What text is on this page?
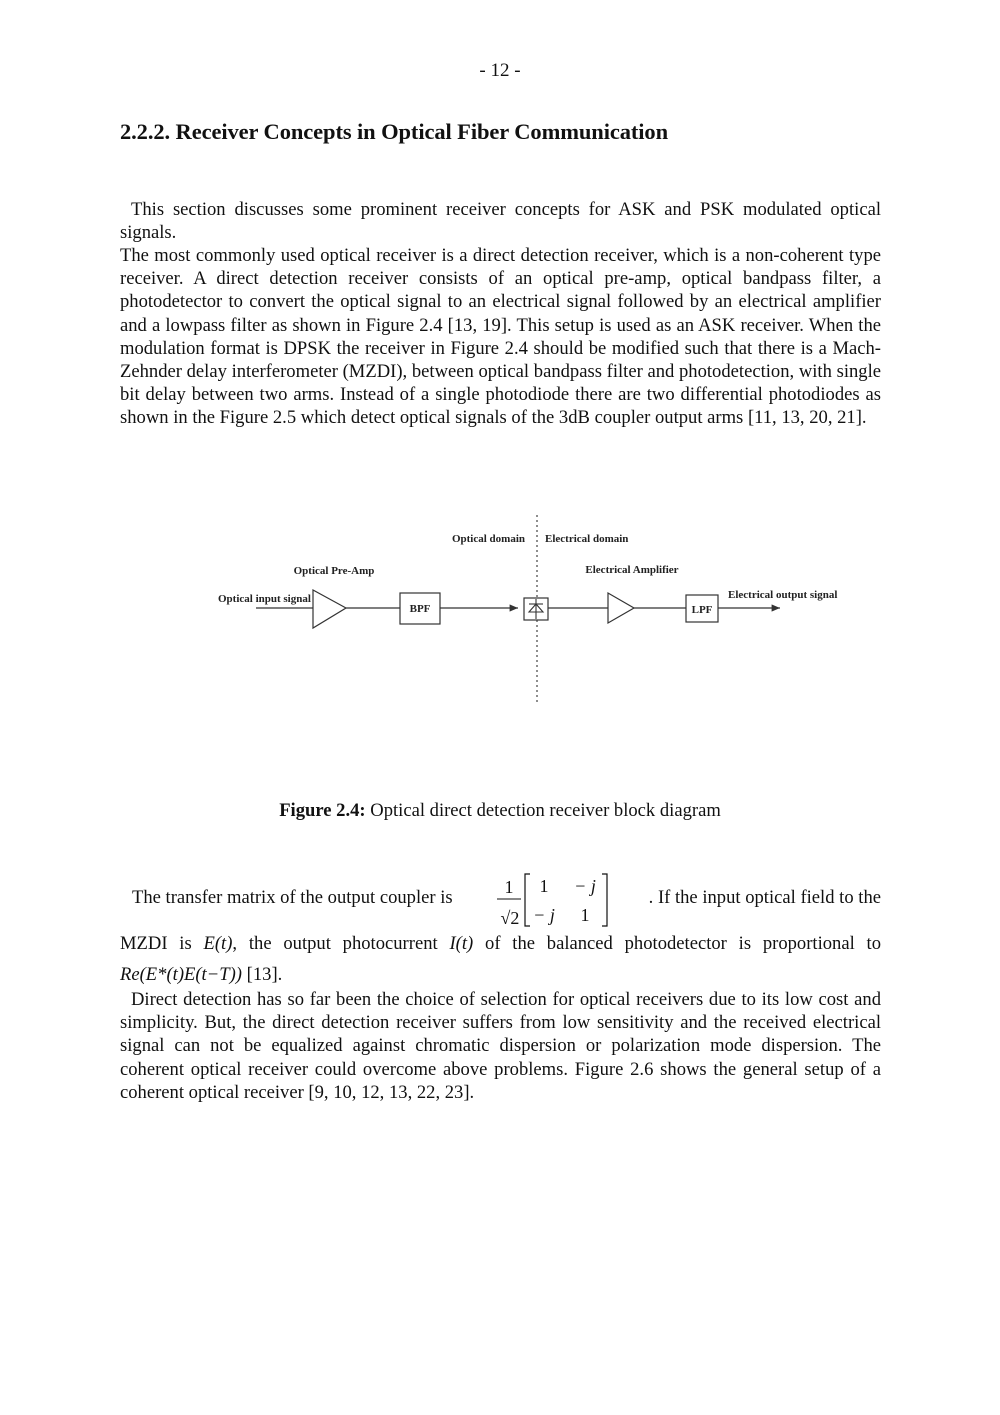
- 12 -
2.2.2. Receiver Concepts in Optical Fiber Communication

This section discusses some prominent receiver concepts for ASK and PSK modulated optical signals.

The most commonly used optical receiver is a direct detection receiver, which is a non-coherent type receiver. A direct detection receiver consists of an optical pre-amp, optical bandpass filter, a photodetector to convert the optical signal to an electrical signal followed by an electrical amplifier and a lowpass filter as shown in Figure 2.4 [13, 19]. This setup is used as an ASK receiver. When the modulation format is DPSK the receiver in Figure 2.4 should be modified such that there is a Mach-Zehnder delay interferometer (MZDI), between optical bandpass filter and photodetection, with single bit delay between two arms. Instead of a single photodiode there are two differential photodiodes as shown in the Figure 2.5 which detect optical signals of the 3dB coupler output arms [11, 13, 20, 21].

Optical domain Electrical domain
Optical Pre-Amp	Electrical Amplifier
Optical input signal	Electrical output signal
BPF	LPF
Figure 2.4: Optical direct detection receiver block diagram
The transfer matrix of the output coupler is	1
√2
1 − j
− j 1
. If the input optical field to the
MZDI is E(t), the output photocurrent I(t) of the balanced photodetector is proportional to
Re(E*(t)E(t−T)) [13].

Direct detection has so far been the choice of selection for optical receivers due to its low cost and simplicity. But, the direct detection receiver suffers from low sensitivity and the received electrical signal can not be equalized against chromatic dispersion or polarization mode dispersion. The coherent optical receiver could overcome above problems. Figure 2.6 shows the general setup of a coherent optical receiver [9, 10, 12, 13, 22, 23].
